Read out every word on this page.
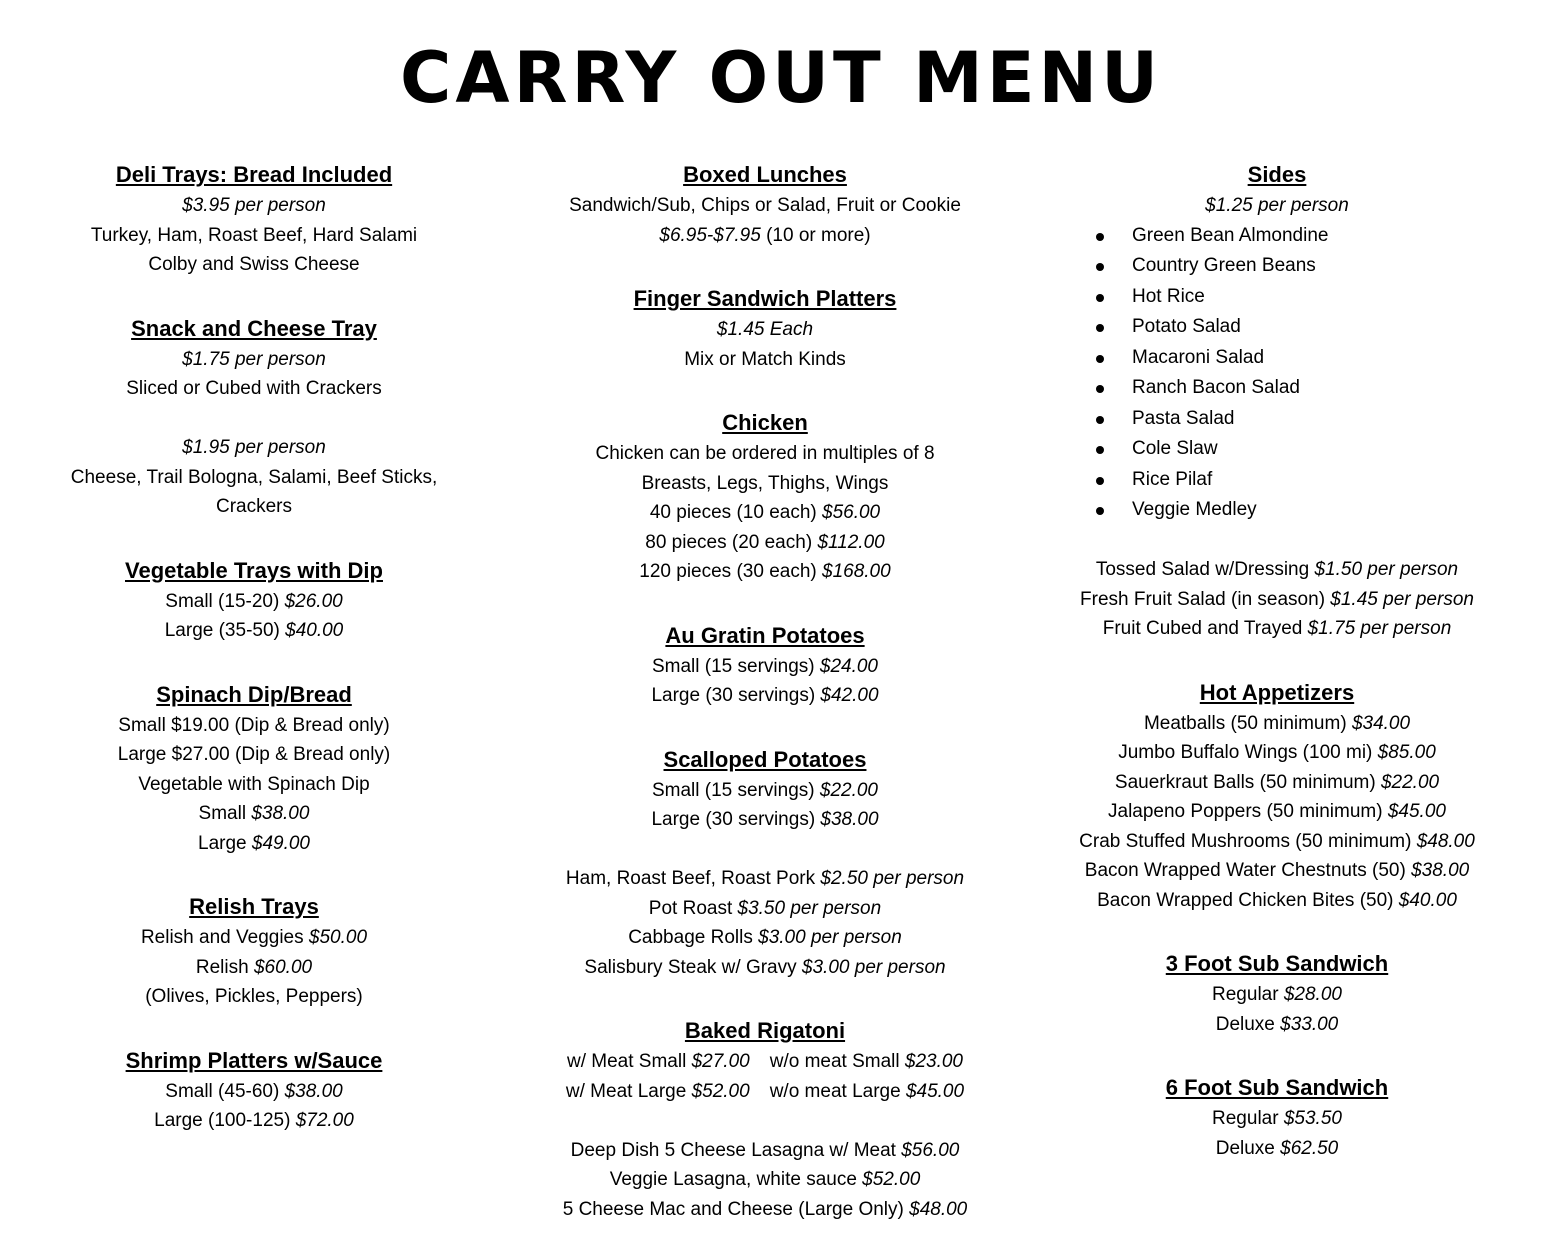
CARRY OUT MENU
Deli Trays: Bread Included
$3.95 per person
Turkey, Ham, Roast Beef, Hard Salami
Colby and Swiss Cheese
Snack and Cheese Tray
$1.75 per person
Sliced or Cubed with Crackers
$1.95 per person
Cheese, Trail Bologna, Salami, Beef Sticks,
Crackers
Vegetable Trays with Dip
Small (15-20) $26.00
Large (35-50) $40.00
Spinach Dip/Bread
Small $19.00 (Dip & Bread only)
Large $27.00 (Dip & Bread only)
Vegetable with Spinach Dip
Small $38.00
Large $49.00
Relish Trays
Relish and Veggies $50.00
Relish $60.00
(Olives, Pickles, Peppers)
Shrimp Platters w/Sauce
Small (45-60) $38.00
Large (100-125) $72.00
Boxed Lunches
Sandwich/Sub, Chips or Salad, Fruit or Cookie
$6.95-$7.95 (10 or more)
Finger Sandwich Platters
$1.45 Each
Mix or Match Kinds
Chicken
Chicken can be ordered in multiples of 8
Breasts, Legs, Thighs, Wings
40 pieces (10 each) $56.00
80 pieces (20 each) $112.00
120 pieces (30 each) $168.00
Au Gratin Potatoes
Small (15 servings) $24.00
Large (30 servings) $42.00
Scalloped Potatoes
Small (15 servings) $22.00
Large (30 servings) $38.00
Ham, Roast Beef, Roast Pork $2.50 per person
Pot Roast $3.50 per person
Cabbage Rolls $3.00 per person
Salisbury Steak w/ Gravy $3.00 per person
Baked Rigatoni
w/ Meat Small $27.00 w/o meat Small $23.00
w/ Meat Large $52.00 w/o meat Large $45.00
Deep Dish 5 Cheese Lasagna w/ Meat $56.00
Veggie Lasagna, white sauce $52.00
5 Cheese Mac and Cheese (Large Only) $48.00
Sides
$1.25 per person
Green Bean Almondine
Country Green Beans
Hot Rice
Potato Salad
Macaroni Salad
Ranch Bacon Salad
Pasta Salad
Cole Slaw
Rice Pilaf
Veggie Medley
Tossed Salad w/Dressing $1.50 per person
Fresh Fruit Salad (in season) $1.45 per person
Fruit Cubed and Trayed $1.75 per person
Hot Appetizers
Meatballs (50 minimum) $34.00
Jumbo Buffalo Wings (100 mi) $85.00
Sauerkraut Balls (50 minimum) $22.00
Jalapeno Poppers (50 minimum) $45.00
Crab Stuffed Mushrooms (50 minimum) $48.00
Bacon Wrapped Water Chestnuts (50) $38.00
Bacon Wrapped Chicken Bites (50) $40.00
3 Foot Sub Sandwich
Regular $28.00
Deluxe $33.00
6 Foot Sub Sandwich
Regular $53.50
Deluxe $62.50
